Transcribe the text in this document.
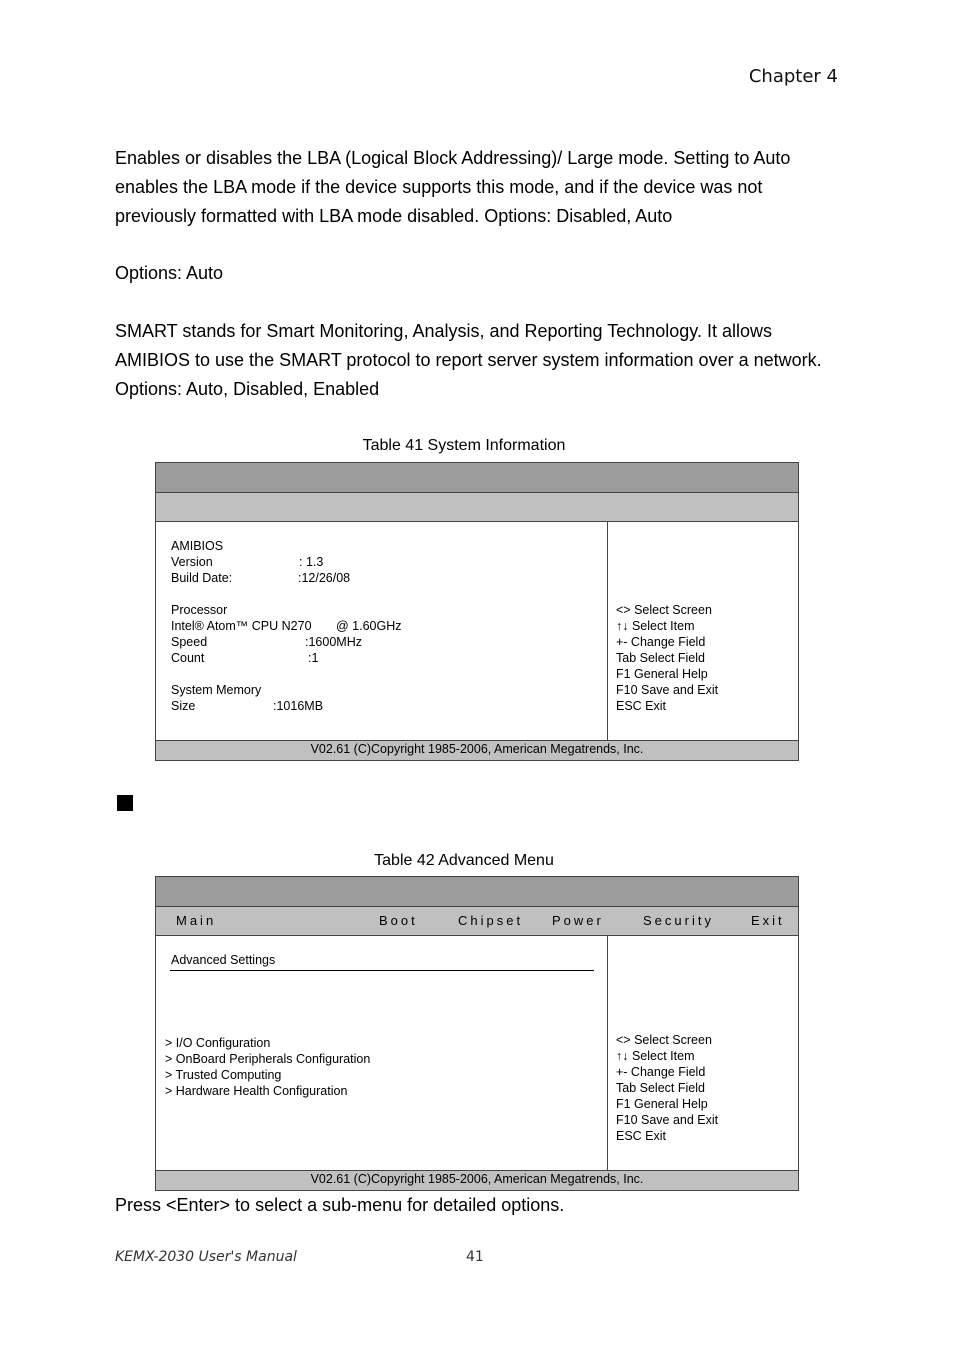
Chapter 4

Enables or disables the LBA (Logical Block Addressing)/ Large mode. Setting to Auto enables the LBA mode if the device supports this mode, and if the device was not previously formatted with LBA mode disabled. Options: Disabled, Auto

Options: Auto

SMART stands for Smart Monitoring, Analysis, and Reporting Technology. It allows AMIBIOS to use the SMART protocol to report server system information over a network. Options: Auto, Disabled, Enabled

Table 41 System Information
AMIBIOS
Version	: 1.3
Build Date:	:12/26/08
Processor
Intel® Atom™ CPU N270 @ 1.60GHz
Speed	:1600MHz
Count	:1
System Memory
Size	:1016MB
<> Select Screen
↑↓ Select Item
+- Change Field
Tab Select Field
F1 General Help
F10 Save and Exit
ESC Exit
V02.61 (C)Copyright 1985-2006, American Megatrends, Inc.
Table 42 Advanced Menu
Main	Boot	Chipset Power	Security	Exit
Advanced Settings
> I/O Configuration
> OnBoard Peripherals Configuration
> Trusted Computing
> Hardware Health Configuration
<> Select Screen
↑↓ Select Item
+- Change Field
Tab Select Field
F1 General Help
F10 Save and Exit
ESC Exit
V02.61 (C)Copyright 1985-2006, American Megatrends, Inc.

Press <Enter> to select a sub-menu for detailed options.

KEMX-2030 User's Manual	41
